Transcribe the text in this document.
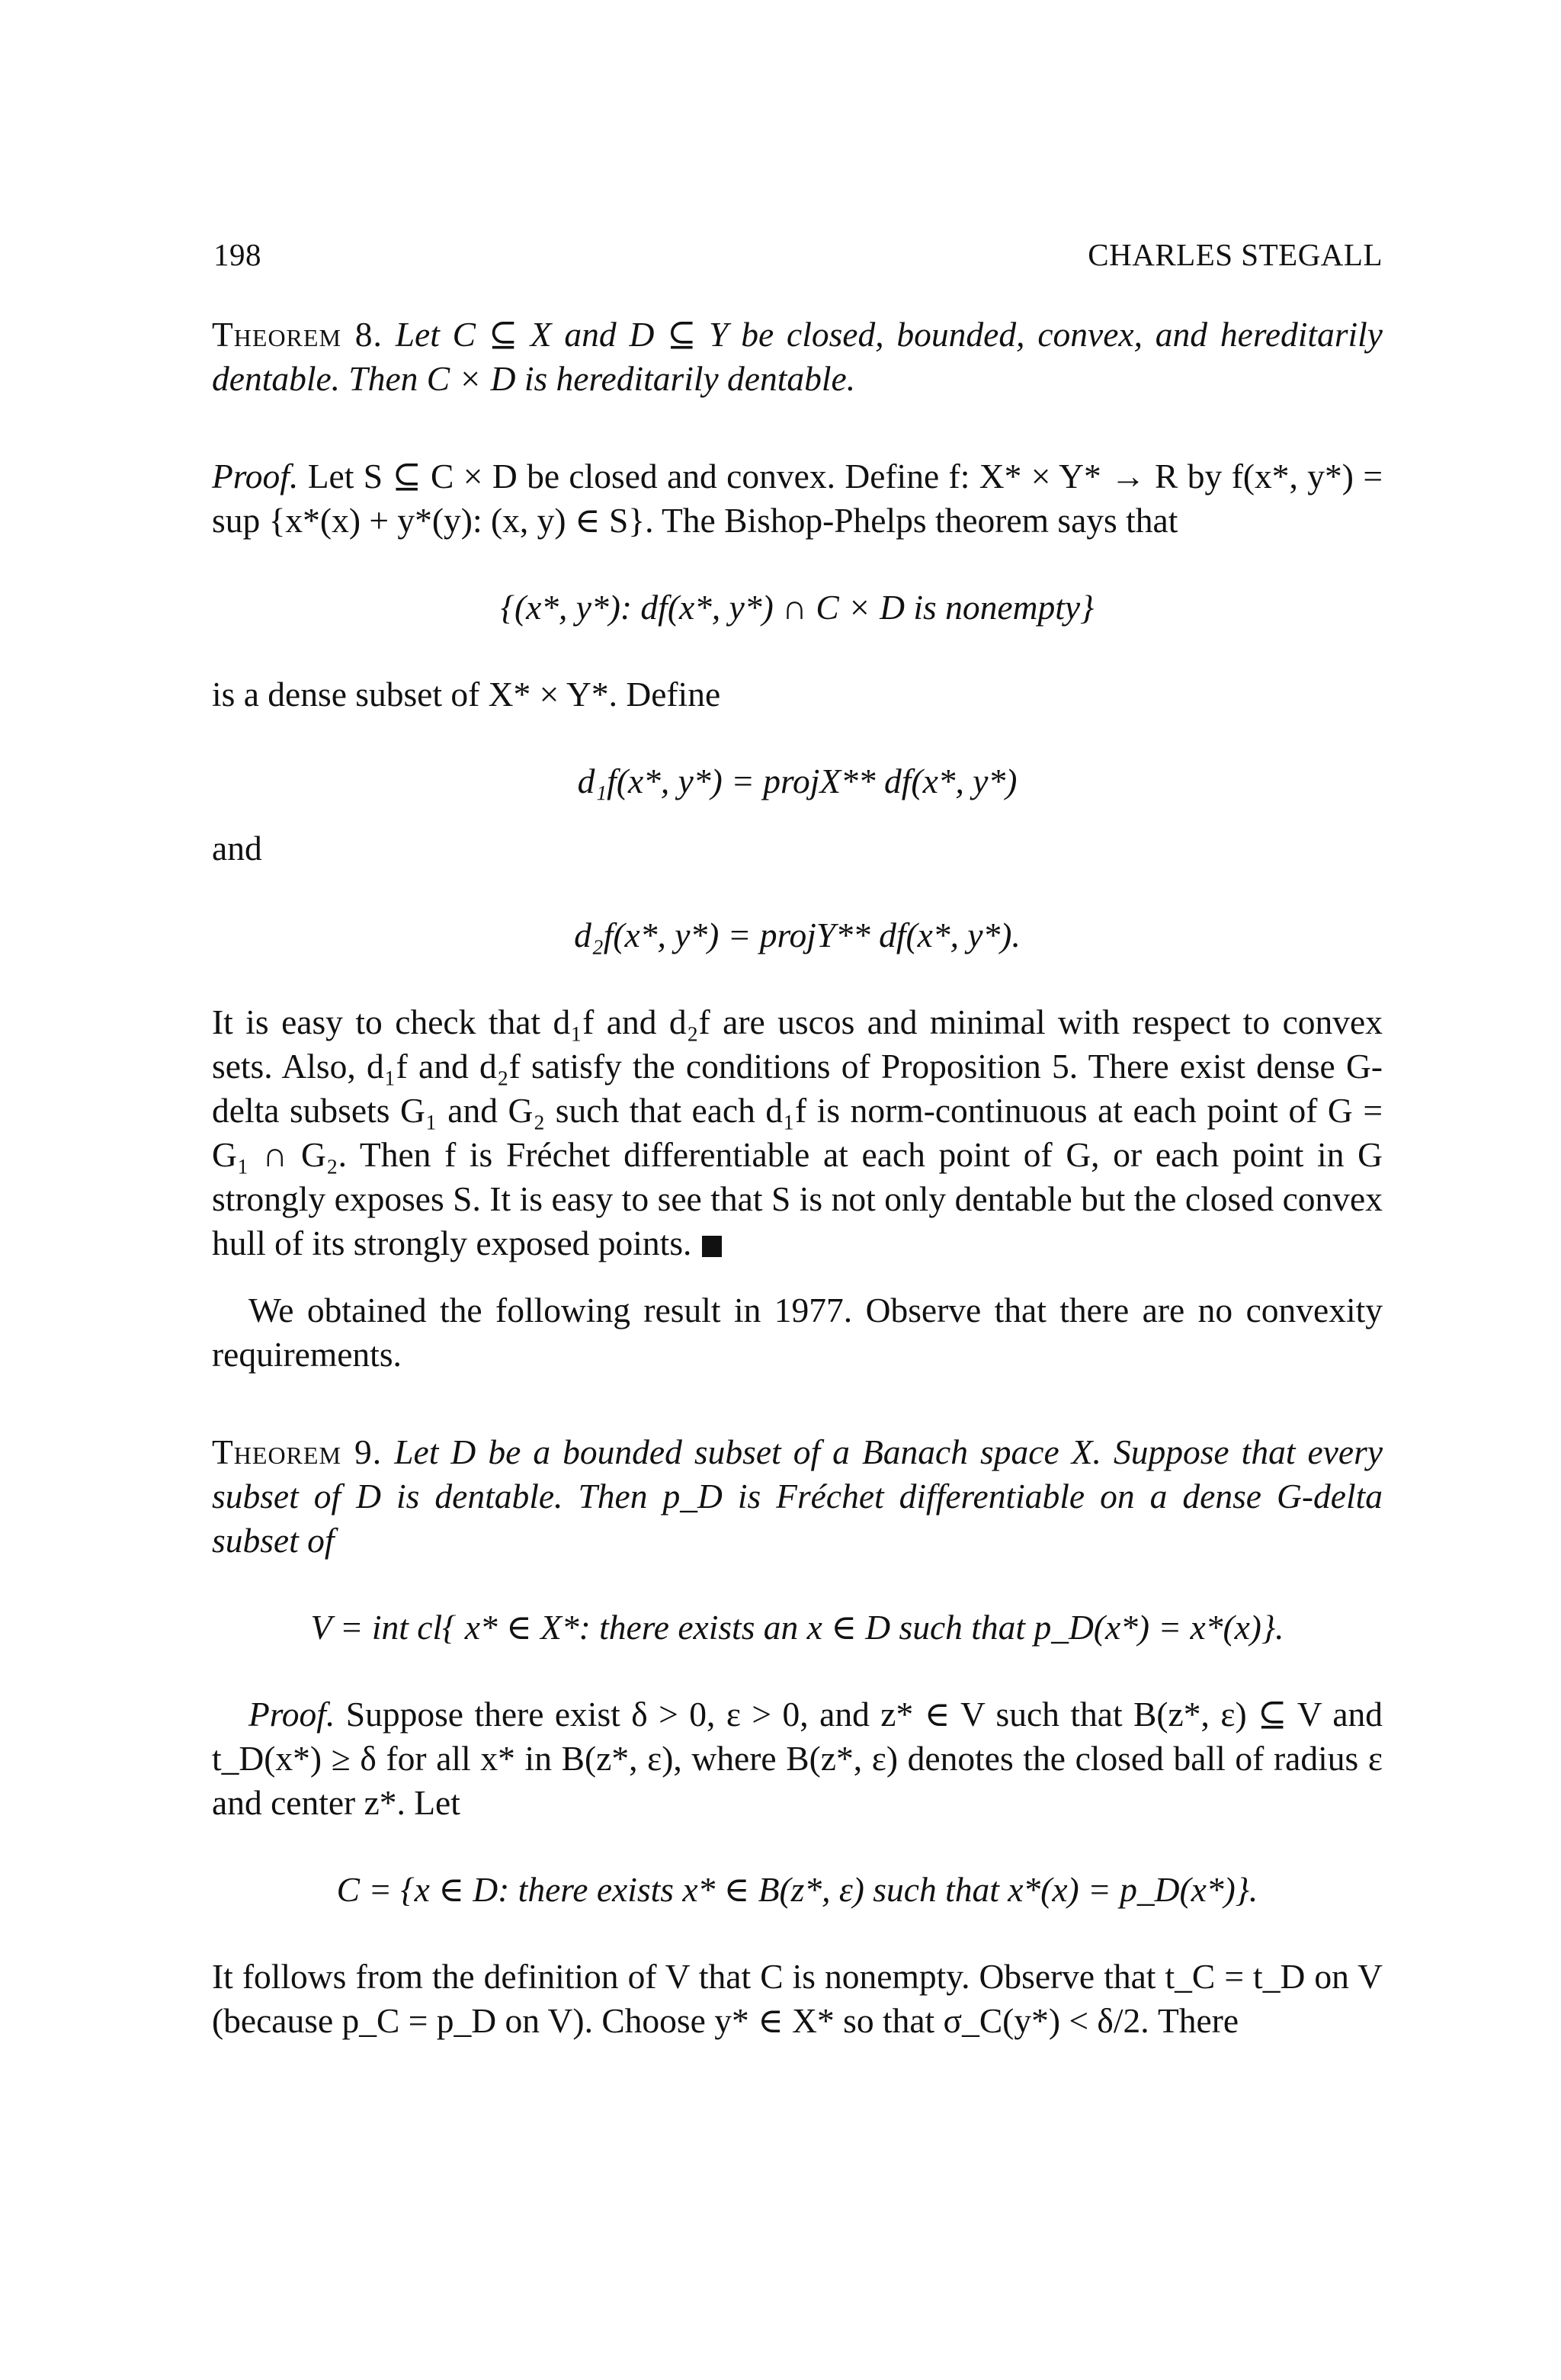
198	CHARLES STEGALL

Theorem 8. Let C ⊆ X and D ⊆ Y be closed, bounded, convex, and hereditarily dentable. Then C × D is hereditarily dentable.

Proof. Let S ⊆ C × D be closed and convex. Define f: X* × Y* → R by f(x*, y*) = sup {x*(x) + y*(y): (x, y) ∈ S}. The Bishop-Phelps theorem says that

{(x*, y*): df(x*, y*) ∩ C × D is nonempty}

is a dense subset of X* × Y*. Define

d₁f(x*, y*) = projX** df(x*, y*)

and

d₂f(x*, y*) = projY** df(x*, y*).

It is easy to check that d₁f and d₂f are uscos and minimal with respect to convex sets. Also, d₁f and d₂f satisfy the conditions of Proposition 5. There exist dense G-delta subsets G₁ and G₂ such that each d₁f is norm-continuous at each point of G = G₁ ∩ G₂. Then f is Fréchet differentiable at each point of G, or each point in G strongly exposes S. It is easy to see that S is not only dentable but the closed convex hull of its strongly exposed points.

We obtained the following result in 1977. Observe that there are no convexity requirements.

Theorem 9. Let D be a bounded subset of a Banach space X. Suppose that every subset of D is dentable. Then p_D is Fréchet differentiable on a dense G-delta subset of

V = int cl{ x* ∈ X*: there exists an x ∈ D such that p_D(x*) = x*(x)}.

Proof. Suppose there exist δ > 0, ε > 0, and z* ∈ V such that B(z*, ε) ⊆ V and t_D(x*) ≥ δ for all x* in B(z*, ε), where B(z*, ε) denotes the closed ball of radius ε and center z*. Let

C = {x ∈ D: there exists x* ∈ B(z*, ε) such that x*(x) = p_D(x*)}.

It follows from the definition of V that C is nonempty. Observe that t_C = t_D on V (because p_C = p_D on V). Choose y* ∈ X* so that σ_C(y*) < δ/2. There
